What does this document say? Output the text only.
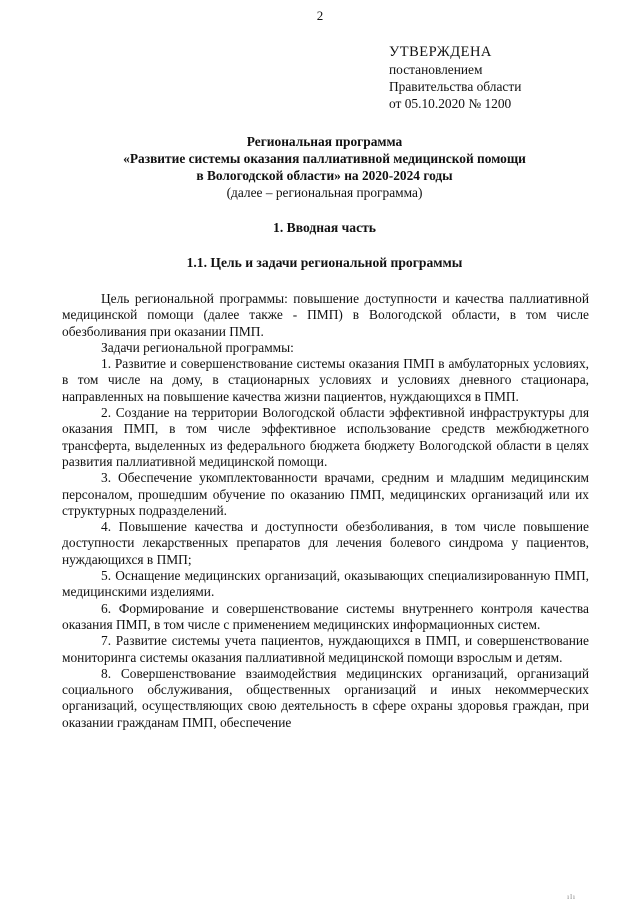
2
УТВЕРЖДЕНА
постановлением
Правительства области
от 05.10.2020 № 1200
Региональная программа
«Развитие системы оказания паллиативной медицинской помощи
в Вологодской области» на 2020-2024 годы
(далее – региональная программа)
1. Вводная часть
1.1. Цель и задачи региональной программы

Цель региональной программы: повышение доступности и качества паллиативной медицинской помощи (далее также - ПМП) в Вологодской области, в том числе обезболивания при оказании ПМП.

Задачи региональной программы:

1. Развитие и совершенствование системы оказания ПМП в амбулаторных условиях, в том числе на дому, в стационарных условиях и условиях дневного стационара, направленных на повышение качества жизни пациентов, нуждающихся в ПМП.

2. Создание на территории Вологодской области эффективной инфраструктуры для оказания ПМП, в том числе эффективное использование средств межбюджетного трансферта, выделенных из федерального бюджета бюджету Вологодской области в целях развития паллиативной медицинской помощи.

3. Обеспечение укомплектованности врачами, средним и младшим медицинским персоналом, прошедшим обучение по оказанию ПМП, медицинских организаций или их структурных подразделений.

4. Повышение качества и доступности обезболивания, в том числе повышение доступности лекарственных препаратов для лечения болевого синдрома у пациентов, нуждающихся в ПМП;

5. Оснащение медицинских организаций, оказывающих специализированную ПМП, медицинскими изделиями.

6. Формирование и совершенствование системы внутреннего контроля качества оказания ПМП, в том числе с применением медицинских информационных систем.

7. Развитие системы учета пациентов, нуждающихся в ПМП, и совершенствование мониторинга системы оказания паллиативной медицинской помощи взрослым и детям.

8. Совершенствование взаимодействия медицинских организаций, организаций социального обслуживания, общественных организаций и иных некоммерческих организаций, осуществляющих свою деятельность в сфере охраны здоровья граждан, при оказании гражданам ПМП, обеспечение

ılı
